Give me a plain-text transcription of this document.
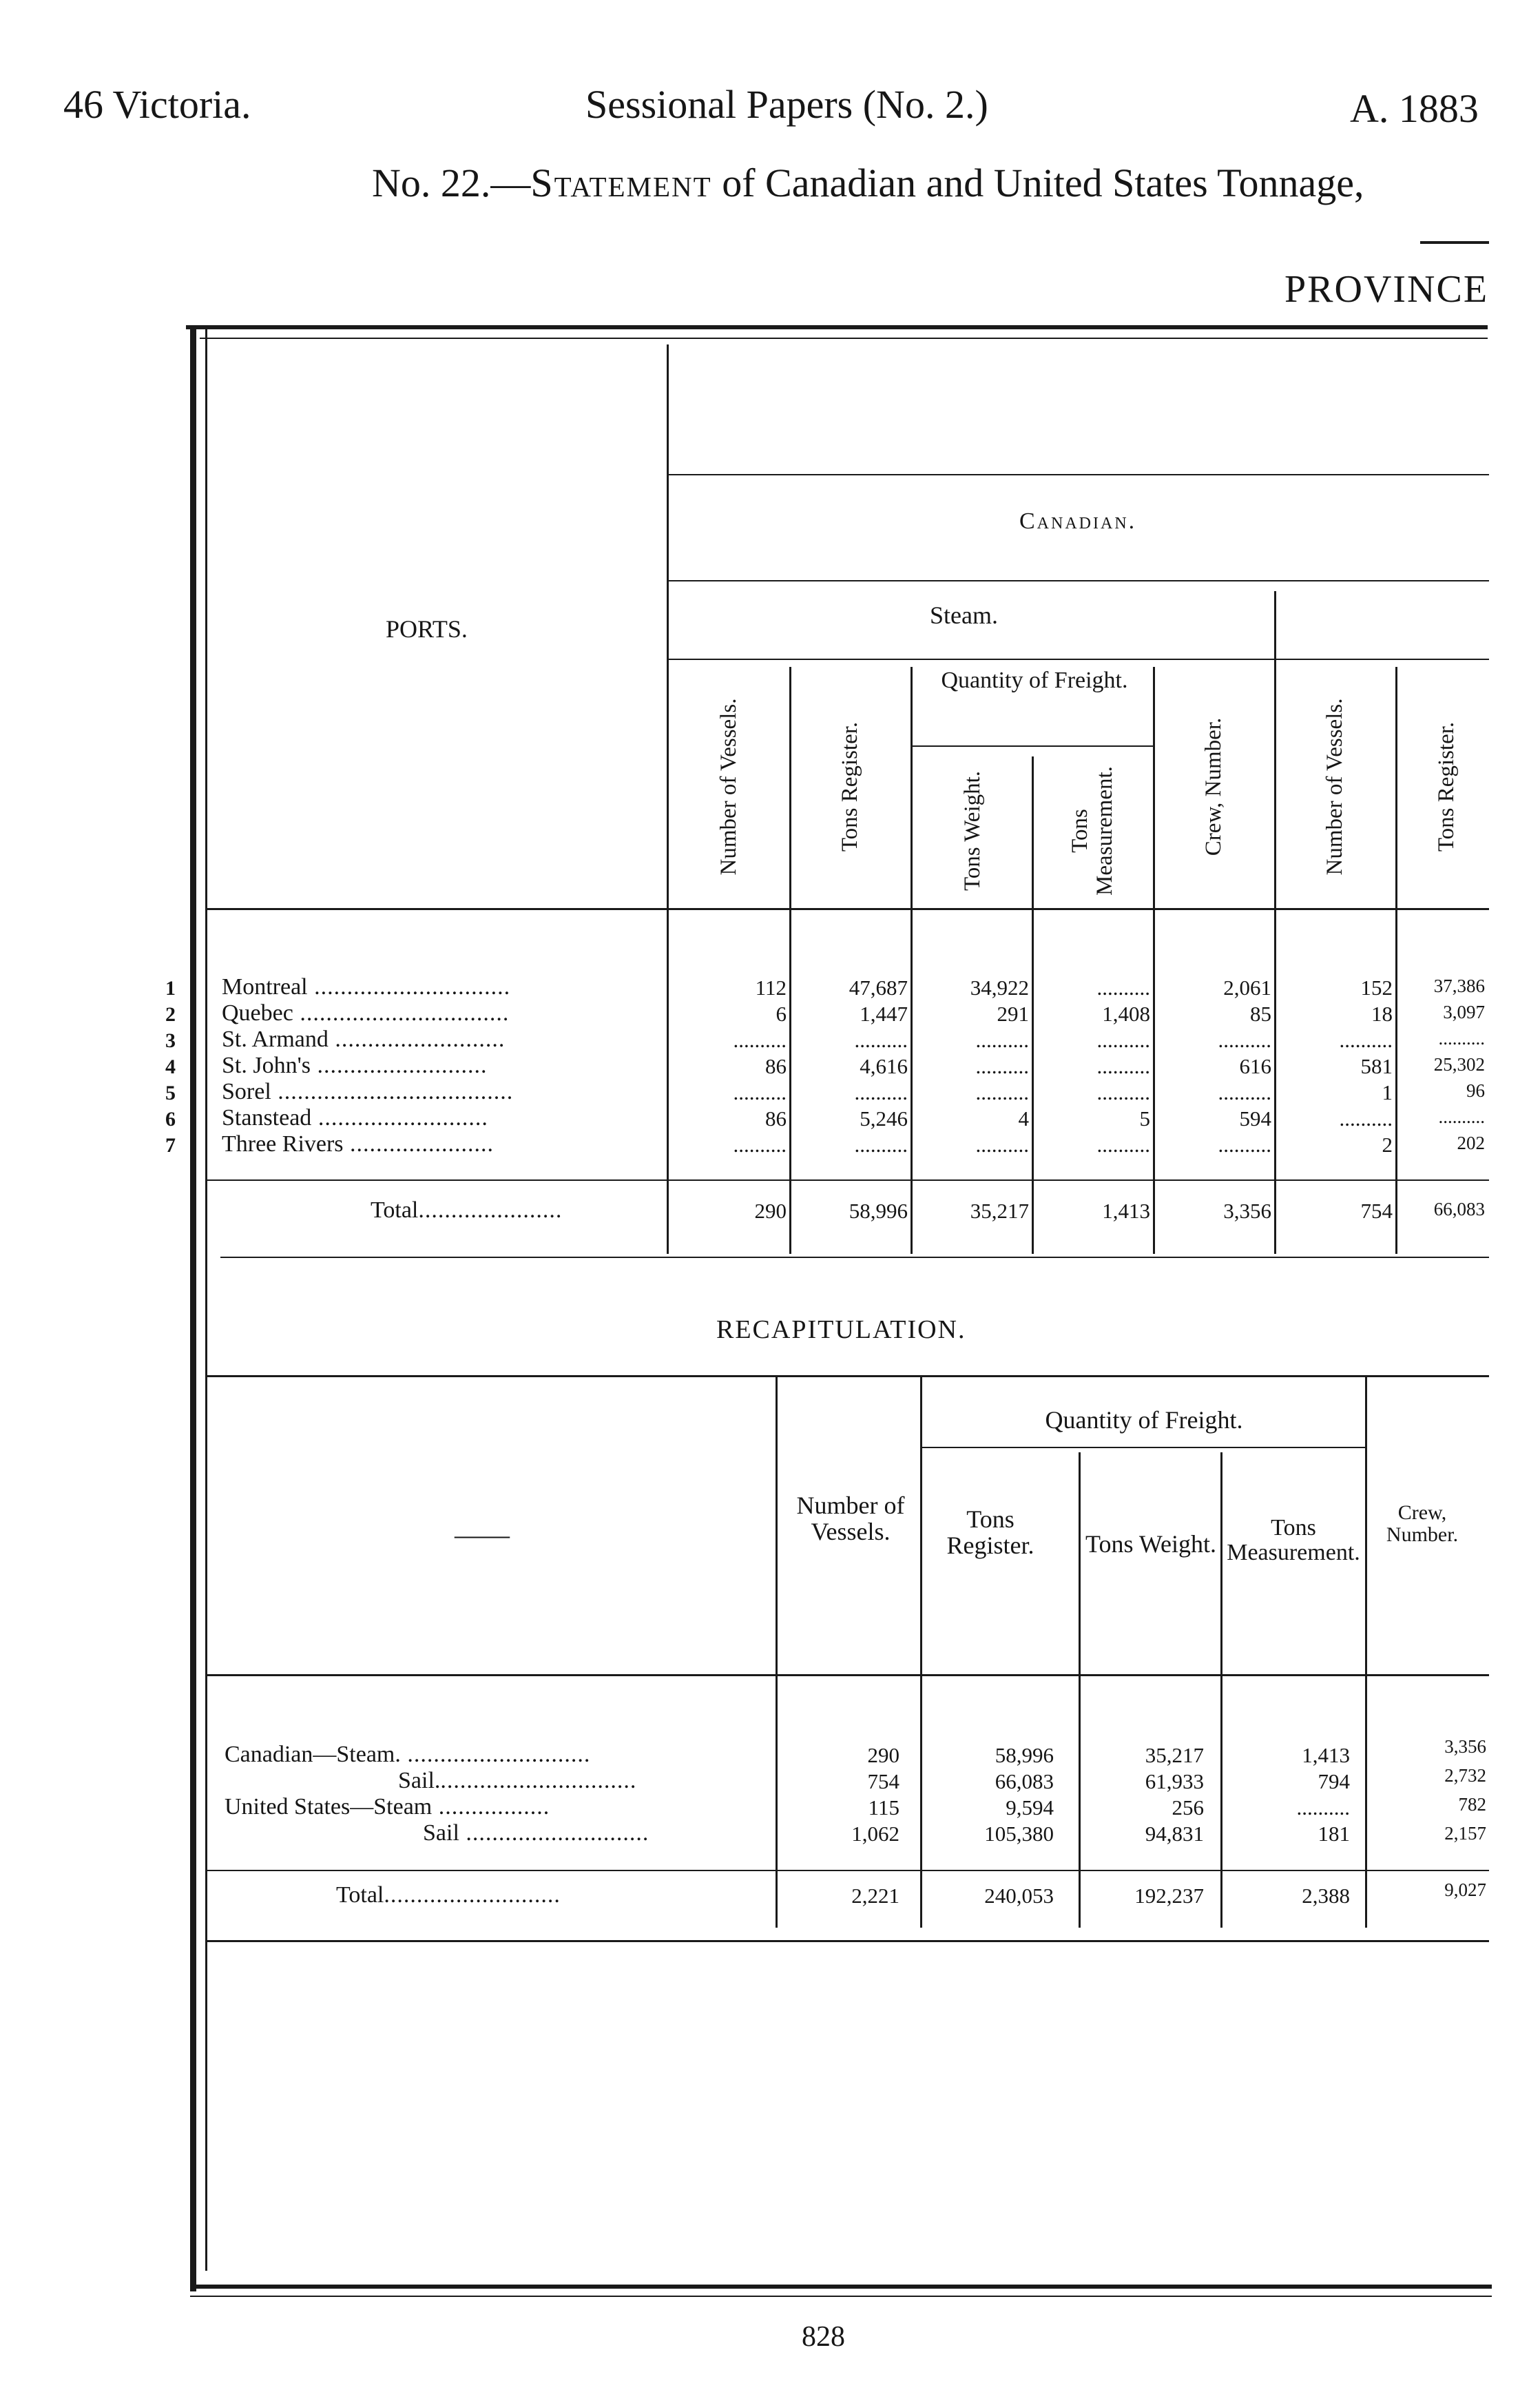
46 Victoria.	Sessional Papers (No. 2.)	A. 1883
No. 22.—Statement of Canadian and United States Tonnage,
PROVINCE
PORTS.
Canadian.
Steam.
Quantity of Freight.
Number of Vessels.	Tons Register.	Tons Weight.	Tons Measurement.	Crew, Number.	Number of Vessels.	Tons Register.
1
2
3
4
5
6
7
Montreal ..............................	112	47,687	34,922	..........	2,061	152 37,386
Quebec ................................	6	1,447	291	1,408	85	18	3,097
St. Armand ..........................	..........	..........	..........	..........	..........	.......... ..........
St. John's ..........................	86	4,616	..........	..........	616	581 25,302
Sorel ....................................	..........	..........	..........	..........	..........	1	96
Stanstead ..........................	86	5,246	4	5	594	.......... ..........
Three Rivers ......................	..........	..........	..........	..........	..........	2	202
Total......................	290	58,996	35,217	1,413	3,356	754 66,083
RECAPITULATION.
——
Quantity of Freight.
Number of Vessels.	Tons Register.	Tons Weight.
Tons Measurement.
Crew, Number.
Canadian—Steam. ............................	290	58,996	35,217	1,413	3,356
Sail...............................	754	66,083	61,933	794	2,732
United States—Steam .................	115	9,594	256	..........	782
Sail ............................	1,062	105,380	94,831	181	2,157
Total...........................	2,221	240,053	192,237	2,388	9,027
828
